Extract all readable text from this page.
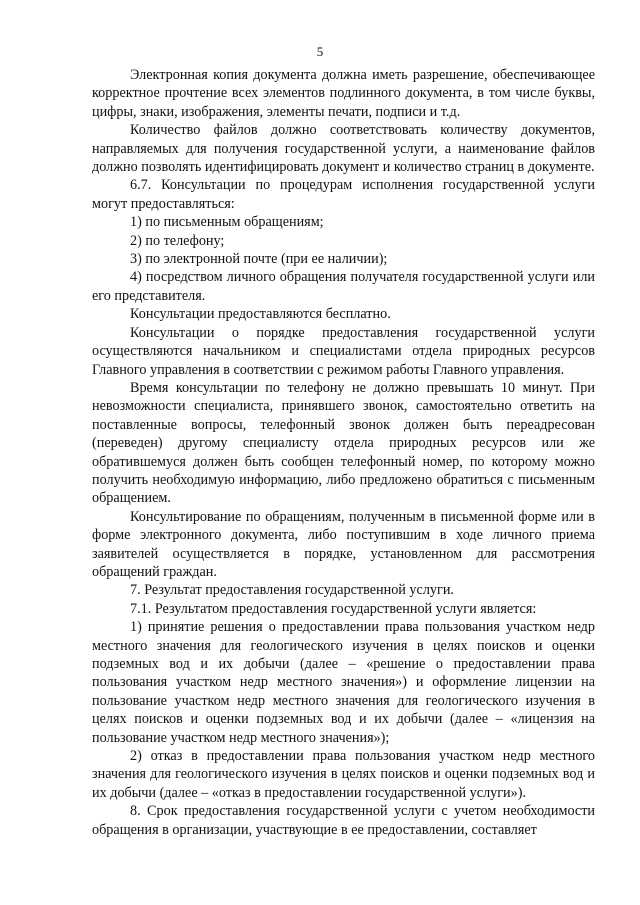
5

Электронная копия документа должна иметь разрешение, обеспечивающее корректное прочтение всех элементов подлинного документа, в том числе буквы, цифры, знаки, изображения, элементы печати, подписи и т.д.

Количество файлов должно соответствовать количеству документов, направляемых для получения государственной услуги, а наименование файлов должно позволять идентифицировать документ и количество страниц в документе.

6.7. Консультации по процедурам исполнения государственной услуги могут предоставляться:

1) по письменным обращениям;

2) по телефону;

3) по электронной почте (при ее наличии);

4) посредством личного обращения получателя государственной услуги или его представителя.

Консультации предоставляются бесплатно.

Консультации о порядке предоставления государственной услуги осуществляются начальником и специалистами отдела природных ресурсов Главного управления в соответствии с режимом работы Главного управления.

Время консультации по телефону не должно превышать 10 минут. При невозможности специалиста, принявшего звонок, самостоятельно ответить на поставленные вопросы, телефонный звонок должен быть переадресован (переведен) другому специалисту отдела природных ресурсов или же обратившемуся должен быть сообщен телефонный номер, по которому можно получить необходимую информацию, либо предложено обратиться с письменным обращением.

Консультирование по обращениям, полученным в письменной форме или в форме электронного документа, либо поступившим в ходе личного приема заявителей осуществляется в порядке, установленном для рассмотрения обращений граждан.

7. Результат предоставления государственной услуги.

7.1. Результатом предоставления государственной услуги является:

1) принятие решения о предоставлении права пользования участком недр местного значения для геологического изучения в целях поисков и оценки подземных вод и их добычи (далее – «решение о предоставлении права пользования участком недр местного значения») и оформление лицензии на пользование участком недр местного значения для геологического изучения в целях поисков и оценки подземных вод и их добычи (далее – «лицензия на пользование участком недр местного значения»);

2) отказ в предоставлении права пользования участком недр местного значения для геологического изучения в целях поисков и оценки подземных вод и их добычи (далее – «отказ в предоставлении государственной услуги»).

8. Срок предоставления государственной услуги с учетом необходимости обращения в организации, участвующие в ее предоставлении, составляет
